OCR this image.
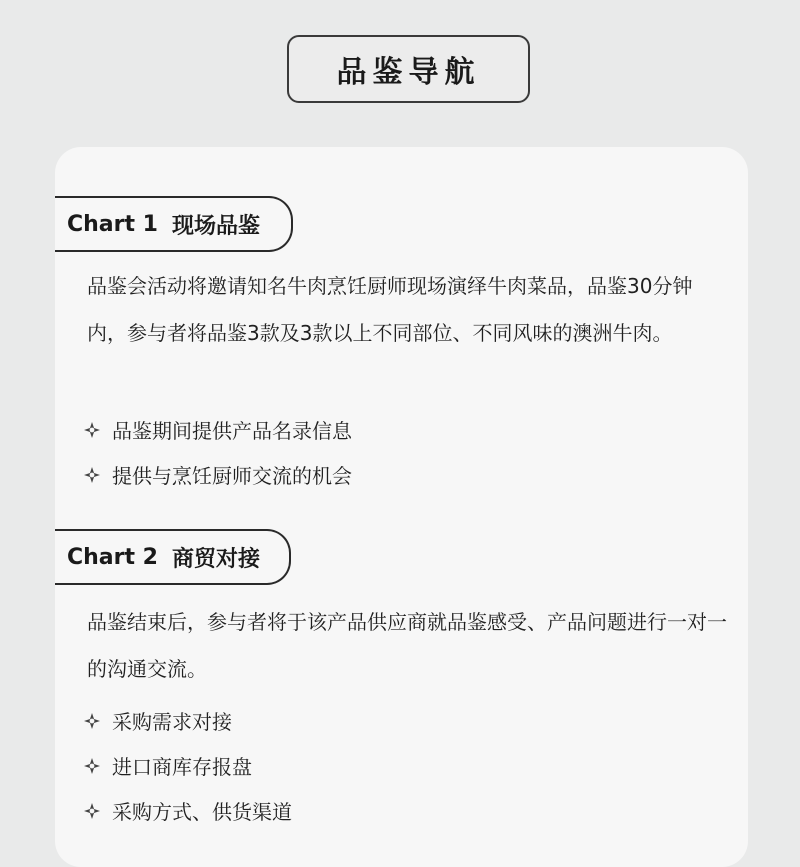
品鉴导航
Chart 1 现场品鉴

品鉴会活动将邀请知名牛肉烹饪厨师现场演绎牛肉菜品，品鉴30分钟内，参与者将品鉴3款及3款以上不同部位、不同风味的澳洲牛肉。

品鉴期间提供产品名录信息
提供与烹饪厨师交流的机会
Chart 2 商贸对接

品鉴结束后，参与者将于该产品供应商就品鉴感受、产品问题进行一对一的沟通交流。

采购需求对接
进口商库存报盘
采购方式、供货渠道
